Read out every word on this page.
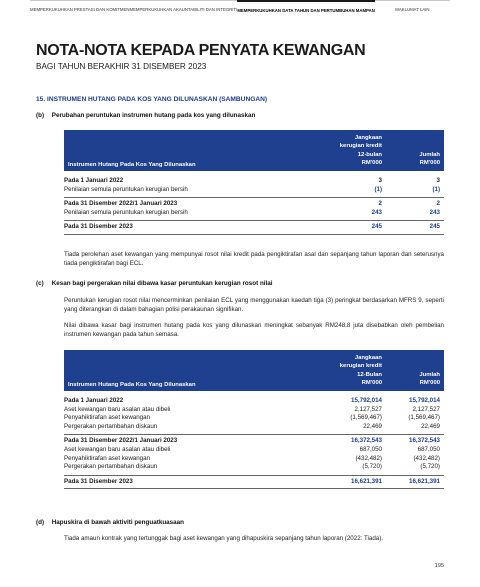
MEMPERKUKUHKAN PRESTASI DAN KOMITMEN MEMPERKUKUHKAN AKAUNTABILITI DAN INTEGRITI MEMPERKUKUHKAN DATA TAHUN DAN PERTUMBUHAN MAMPAN	MAKLUMAT LAIN
NOTA-NOTA KEPADA PENYATA KEWANGAN
BAGI TAHUN BERAKHIR 31 DISEMBER 2023
15. INSTRUMEN HUTANG PADA KOS YANG DILUNASKAN (SAMBUNGAN)
(b) Perubahan peruntukan instrumen hutang pada kos yang dilunaskan
Instrumen Hutang Pada Kos Yang Dilunaskan
Jangkaan
kerugian kredit
12-bulan
RM'000
Jumlah
RM'000
Pada 1 Januari 2022	3	3
Penilaian semula peruntukan kerugian bersih	(1)	(1)
Pada 31 Disember 2022/1 Januari 2023	2	2
Penilaian semula peruntukan kerugian bersih	243	243
Pada 31 Disember 2023	245	245
Tiada perolehan aset kewangan yang mempunyai rosot nilai kredit pada pengiktirafan asal dan sepanjang tahun laporan dan seterusnya tiada pengiktirafan bagi ECL.
(c) Kesan bagi pergerakan nilai dibawa kasar peruntukan kerugian rosot nilai
Peruntukan kerugian rosot nilai mencerminkan penilaian ECL yang menggunakan kaedah tiga (3) peringkat berdasarkan MFRS 9, seperti yang diterangkan di dalam bahagian polisi perakaunan signifikan.
Nilai dibawa kasar bagi instrumen hutang pada kos yang dilunaskan meningkat sebanyak RM248.8 juta disebabkan oleh pembelian instrumen kewangan pada tahun semasa.
Instrumen Hutang Pada Kos Yang Dilunaskan
Jangkaan
kerugian kredit
12-Bulan
RM'000
Jumlah
RM'000
Pada 1 Januari 2022	15,792,014	15,792,014
Aset kewangan baru asalan atau dibeli	2,127,527	2,127,527
Penyahiktirafan aset kewangan	(1,569,467)	(1,569,467)
Pergerakan pertambahan diskaun	22,469	22,469
Pada 31 Disember 2022/1 Januari 2023	16,372,543	16,372,543
Aset kewangan baru asalan atau dibeli	687,050	687,050
Penyahiktirafan aset kewangan	(432,482)	(432,482)
Pergerakan pertambahan diskaun	(5,720)	(5,720)
Pada 31 Disember 2023	16,621,391	16,621,391
(d) Hapuskira di bawah aktiviti penguatkuasaan
Tiada amaun kontrak yang tertunggak bagi aset kewangan yang dihapuskira sepanjang tahun laporan (2022: Tiada).
195
